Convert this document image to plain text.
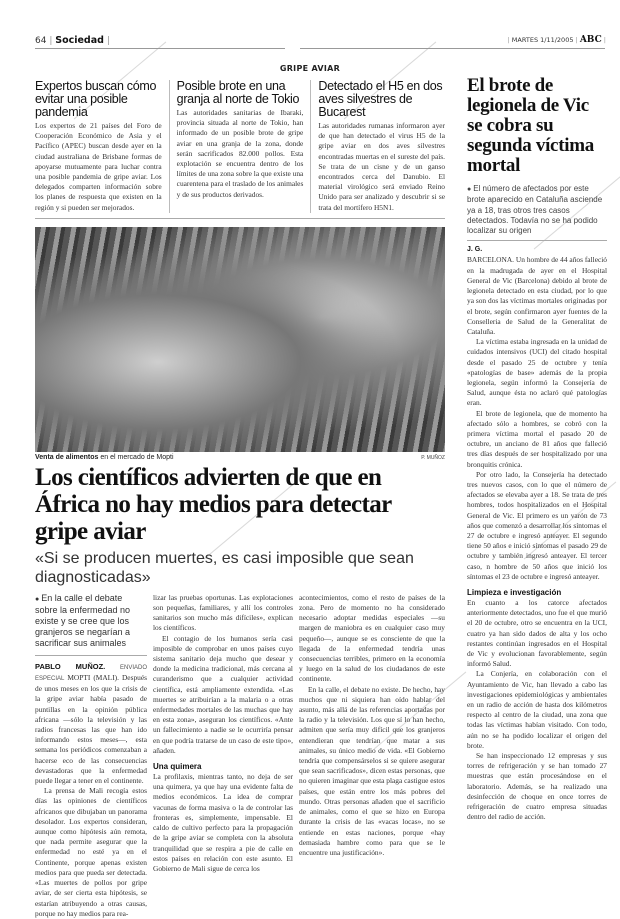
64 | Sociedad |	| MARTES 1/11/2005 | ABC |
GRIPE AVIAR
Expertos buscan cómo evitar una posible pandemia
Los expertos de 21 países del Foro de Cooperación Económico de Asia y el Pacífico (APEC) buscan desde ayer en la ciudad australiana de Brisbane formas de apoyarse mutuamente para luchar contra una posible pandemia de gripe aviar. Los delegados comparten información sobre los planes de respuesta que existen en la región y si pueden ser mejorados.
Posible brote en una granja al norte de Tokio
Las autoridades sanitarias de Ibaraki, provincia situada al norte de Tokio, han informado de un posible brote de gripe aviar en una granja de la zona, donde serán sacrificados 82.000 pollos. Esta explotación se encuentra dentro de los límites de una zona sobre la que existe una cuarentena para el traslado de los animales y de sus productos derivados.
Detectado el H5 en dos aves silvestres de Bucarest
Las autoridades rumanas informaron ayer de que han detectado el virus H5 de la gripe aviar en dos aves silvestres encontradas muertas en el sureste del país. Se trata de un cisne y de un ganso encontrados cerca del Danubio. El material virológico será enviado Reino Unido para ser analizado y descubrir si se trata del mortífero H5N1.
Venta de alimentos en el mercado de Mopti	P. MUÑOZ
Los científicos advierten de que en África no hay medios para detectar gripe aviar
«Si se producen muertes, es casi imposible que sean diagnosticadas»
● En la calle el debate sobre la enfermedad no existe y se cree que los granjeros se negarían a sacrificar sus animales
PABLO MUÑOZ. ENVIADO ESPECIAL MOPTI (MALI). Después de unos meses en los que la crisis de la gripe aviar había pasado de puntillas en la opinión pública africana —sólo la televisión y las radios francesas las que han ido informando estos meses—, esta semana los periódicos comenzaban a hacerse eco de las consecuencias devastadoras que la enfermedad puede llegar a tener en el continente.

La prensa de Mali recogía estos días las opiniones de científicos africanos que dibujaban un panorama desolador. Los expertos consideran, aunque como hipótesis aún remota, que nada permite asegurar que la enfermedad no esté ya en el Continente, porque apenas existen medios para que pueda ser detectada. «Las muertes de pollos por gripe aviar, de ser cierta esta hipótesis, se estarían atribuyendo a otras causas, porque no hay medios para rea-

lizar las pruebas oportunas. Las explotaciones son pequeñas, familiares, y allí los controles sanitarios son mucho más difíciles», explican los científicos.

El contagio de los humanos sería casi imposible de comprobar en unos países cuyo sistema sanitario deja mucho que desear y donde la medicina tradicional, más cercana al curanderismo que a cualquier actividad científica, está ampliamente extendida. «Las muertes se atribuirían a la malaria o a otras enfermedades mortales de las muchas que hay en esta zona», aseguran los científicos. «Ante un fallecimiento a nadie se le ocurriría pensar en que podría tratarse de un caso de este tipo», añaden.

Una quimera

La profilaxis, mientras tanto, no deja de ser una quimera, ya que hay una evidente falta de medios económicos. La idea de comprar vacunas de forma masiva o la de controlar las fronteras es, simplemente, impensable. El caldo de cultivo perfecto para la propagación de la gripe aviar se completa con la absoluta tranquilidad que se respira a pie de calle en estos países en relación con este asunto. El Gobierno de Mali sigue de cerca los

acontecimientos, como el resto de países de la zona. Pero de momento no ha considerado necesario adoptar medidas especiales —su margen de maniobra es en cualquier caso muy pequeño—, aunque se es consciente de que la llegada de la enfermedad tendría unas consecuencias terribles, primero en la economía y luego en la salud de los ciudadanos de este continente.

En la calle, el debate no existe. De hecho, hay muchos que ni siquiera han oído hablar del asunto, más allá de las referencias aportadas por la radio y la televisión. Los que sí lo han hecho, admiten que sería muy difícil que los granjeros entendieran que tendrían que matar a sus animales, su único medio de vida. «El Gobierno tendría que compensárselos si se quiere asegurar que sean sacrificados», dicen estas personas, que no quieren imaginar que esta plaga castigue estos países, que están entre los más pobres del mundo. Otras personas añaden que el sacrificio de animales, como el que se hizo en Europa durante la crisis de las «vacas locas», no se entiende en estas naciones, porque «hay demasiada hambre como para que se le encuentre una justificación».

El brote de legionela de Vic se cobra su segunda víctima mortal
● El número de afectados por este brote aparecido en Cataluña asciende ya a 18, tras otros tres casos detectados. Todavía no se ha podido localizar su origen
J. G.

BARCELONA. Un hombre de 44 años falleció en la madrugada de ayer en el Hospital General de Vic (Barcelona) debido al brote de legionela detectado en esta ciudad, por lo que ya son dos las víctimas mortales originadas por el brote, según confirmaron ayer fuentes de la Conselleria de Salud de la Generalitat de Cataluña.

La víctima estaba ingresada en la unidad de cuidados intensivos (UCI) del citado hospital desde el pasado 25 de octubre y tenía «patologías de base» además de la propia legionela, según informó la Consejería de Salud, aunque ésta no aclaró qué patologías eran.

El brote de legionela, que de momento ha afectado sólo a hombres, se cobró con la primera víctima mortal el pasado 20 de octubre, un anciano de 81 años que falleció tres días después de ser hospitalizado por una bronquitis crónica.

Por otro lado, la Consejería ha detectado tres nuevos casos, con lo que el número de afectados se elevaba ayer a 18. Se trata de tres hombres, todos hospitalizados en el Hospital General de Vic. El primero es un varón de 73 años que comenzó a desarrollar los síntomas el 27 de octubre e ingresó anteayer. El segundo tiene 50 años e inició síntomas el pasado 29 de octubre y también ingresó anteayer. El tercer caso, n hombre de 50 años que inició los síntomas el 23 de octubre e ingresó anteayer.

Limpieza e investigación

En cuanto a los catorce afectados anteriormente detectados, uno fue el que murió el 20 de octubre, otro se encuentra en la UCI, cuatro ya han sido dados de alta y los ocho restantes continúan ingresados en el Hospital de Vic y evolucionan favorablemente, según informó Salud.

La Conjería, en colaboración con el Ayuntamiento de Vic, han llevado a cabo las investigaciones epidemiológicas y ambientales en un radio de acción de hasta dos kilómetros respecto al centro de la ciudad, una zona que todas las víctimas habían visitado. Con todo, aún no se ha podido localizar el origen del brote.

Se han inspeccionado 12 empresas y sus torres de refrigeración y se han tomado 27 muestras que están procesándose en el laboratorio. Además, se ha realizado una desinfección de choque en once torres de refrigeración de cuatro empresa situadas dentro del radio de acción.
